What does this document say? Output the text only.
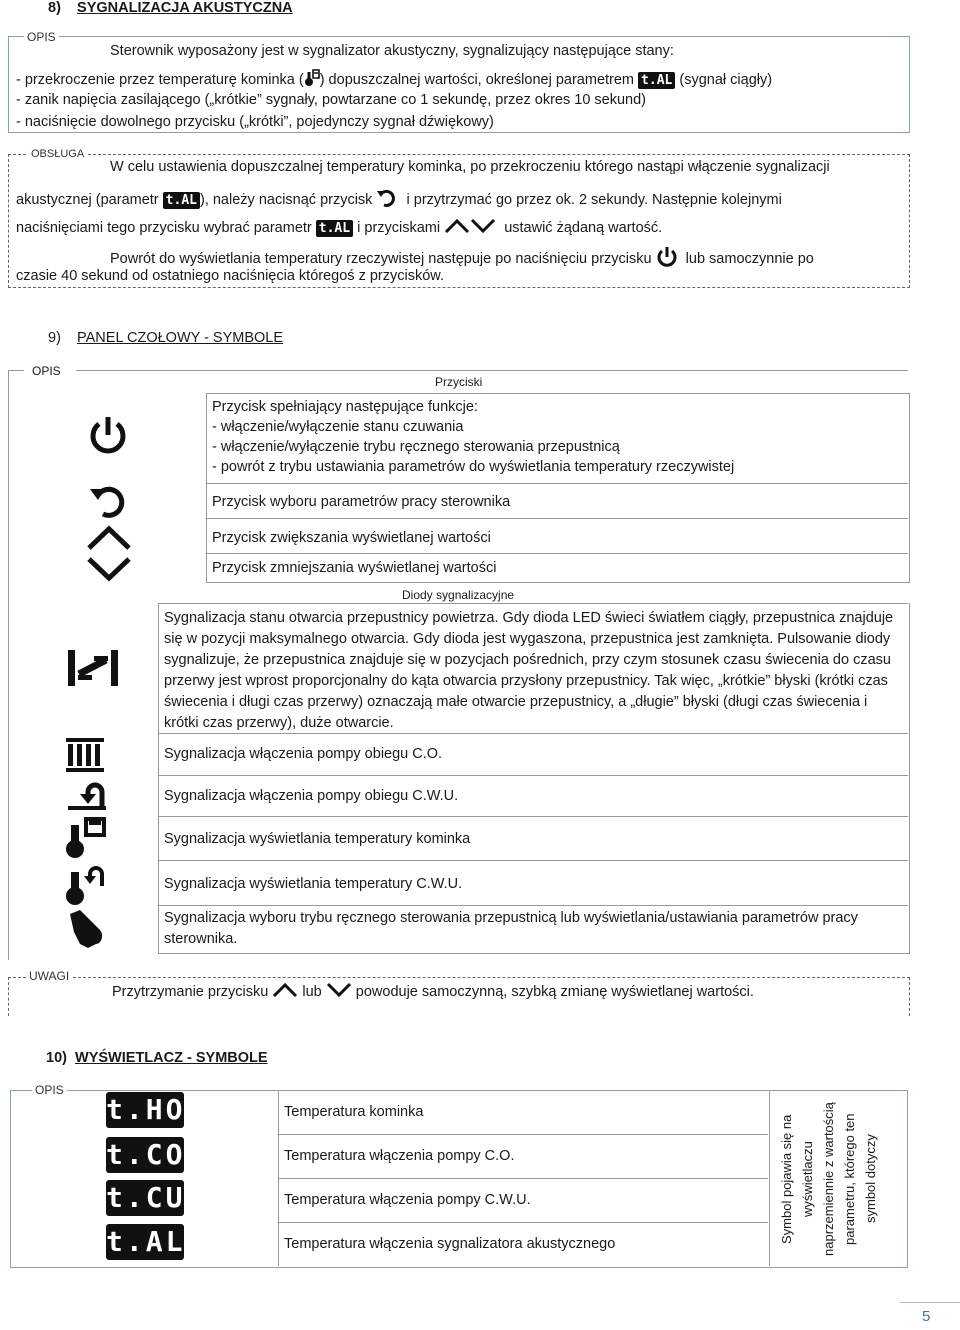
8) SYGNALIZACJA AKUSTYCZNA
OPIS
Sterownik wyposażony jest w sygnalizator akustyczny, sygnalizujący następujące stany:
- przekroczenie przez temperaturę kominka ( ) dopuszczalnej wartości, określonej parametrem t.AL (sygnał ciągły)
- zanik napięcia zasilającego („krótkie” sygnały, powtarzane co 1 sekundę, przez okres 10 sekund)
- naciśnięcie dowolnego przycisku („krótki”, pojedynczy sygnał dźwiękowy)
OBSŁUGA
W celu ustawienia dopuszczalnej temperatury kominka, po przekroczeniu którego nastąpi włączenie sygnalizacji
akustycznej (parametr t.AL ), należy nacisnąć przycisk i przytrzymać go przez ok. 2 sekundy. Następnie kolejnymi
naciśnięciami tego przycisku wybrać parametr t.AL i przyciskami	ustawić żądaną wartość.
Powrót do wyświetlania temperatury rzeczywistej następuje po naciśnięciu przycisku lub samoczynnie po
czasie 40 sekund od ostatniego naciśnięcia któregoś z przycisków.
9) PANEL CZOŁOWY - SYMBOLE
OPIS
Przyciski
Przycisk spełniający następujące funkcje:
- włączenie/wyłączenie stanu czuwania
- włączenie/wyłączenie trybu ręcznego sterowania przepustnicą
- powrót z trybu ustawiania parametrów do wyświetlania temperatury rzeczywistej
Przycisk wyboru parametrów pracy sterownika
Przycisk zwiększania wyświetlanej wartości
Przycisk zmniejszania wyświetlanej wartości
Diody sygnalizacyjne
Sygnalizacja stanu otwarcia przepustnicy powietrza. Gdy dioda LED świeci światłem ciągły, przepustnica znajduje się w pozycji maksymalnego otwarcia. Gdy dioda jest wygaszona, przepustnica jest zamknięta. Pulsowanie diody sygnalizuje, że przepustnica znajduje się w pozycjach pośrednich, przy czym stosunek czasu świecenia do czasu przerwy jest wprost proporcjonalny do kąta otwarcia przysłony przepustnicy. Tak więc, „krótkie” błyski (krótki czas świecenia i długi czas przerwy) oznaczają małe otwarcie przepustnicy, a „długie” błyski (długi czas świecenia i krótki czas przerwy), duże otwarcie.
Sygnalizacja włączenia pompy obiegu C.O.
Sygnalizacja włączenia pompy obiegu C.W.U.
Sygnalizacja wyświetlania temperatury kominka
Sygnalizacja wyświetlania temperatury C.W.U.
Sygnalizacja wyboru trybu ręcznego sterowania przepustnicą lub wyświetlania/ustawiania parametrów pracy sterownika.
UWAGI
Przytrzymanie przycisku lub powoduje samoczynną, szybką zmianę wyświetlanej wartości.
10) WYŚWIETLACZ - SYMBOLE
OPIS
t.HO
t.CO
t.CU
t.AL
Temperatura kominka
Temperatura włączenia pompy C.O.
Temperatura włączenia pompy C.W.U.
Temperatura włączenia sygnalizatora akustycznego
Symbol pojawia się na wyświetlaczu naprzemiennie z wartością parametru, którego ten symbol dotyczy
5
